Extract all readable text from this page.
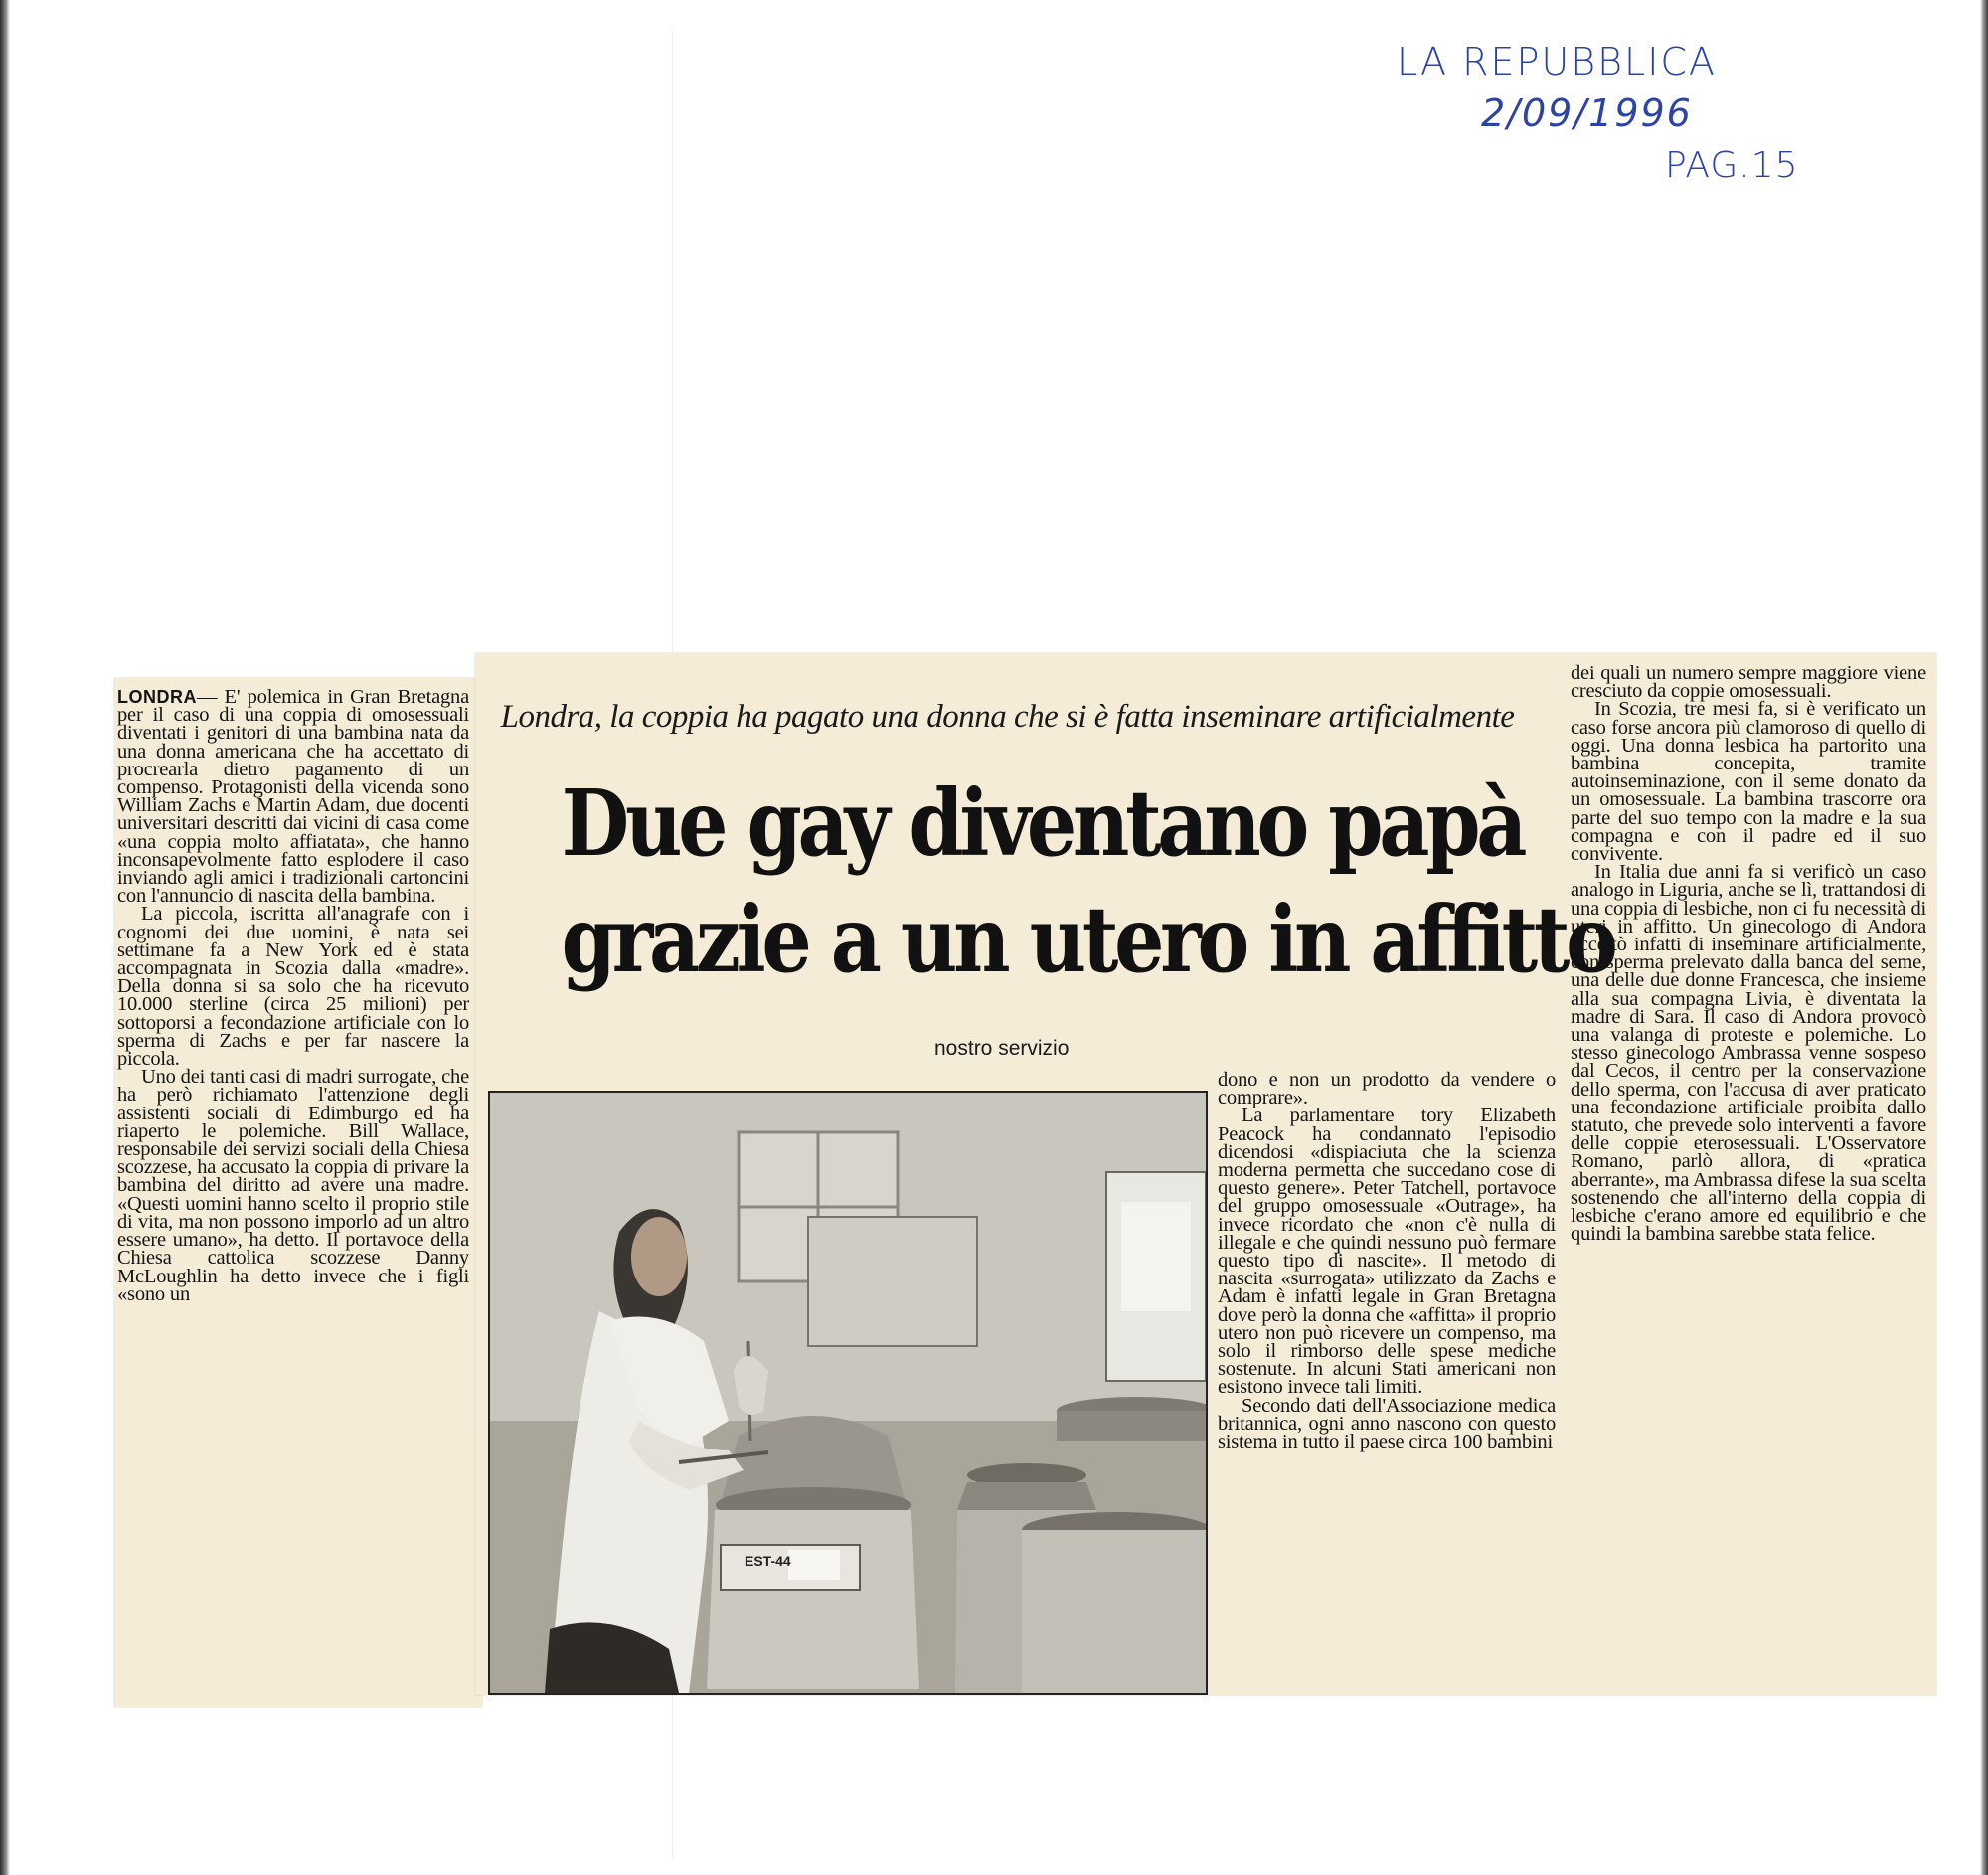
LA REPUBBLICA
2/09/1996
PAG.15

LONDRA— E' polemica in Gran Bretagna per il caso di una coppia di omosessuali diventati i genitori di una bambina nata da una donna americana che ha accettato di procrearla dietro pagamento di un compenso. Protagonisti della vicenda sono William Zachs e Martin Adam, due docenti universitari descritti dai vicini di casa come «una coppia molto affiatata», che hanno inconsapevolmente fatto esplodere il caso inviando agli amici i tradizionali cartoncini con l'annuncio di nascita della bambina.

La piccola, iscritta all'anagrafe con i cognomi dei due uomini, è nata sei settimane fa a New York ed è stata accompagnata in Scozia dalla «madre». Della donna si sa solo che ha ricevuto 10.000 sterline (circa 25 milioni) per sottoporsi a fecondazione artificiale con lo sperma di Zachs e per far nascere la piccola.

Uno dei tanti casi di madri surrogate, che ha però richiamato l'attenzione degli assistenti sociali di Edimburgo ed ha riaperto le polemiche. Bill Wallace, responsabile dei servizi sociali della Chiesa scozzese, ha accusato la coppia di privare la bambina del diritto ad avere una madre. «Questi uomini hanno scelto il proprio stile di vita, ma non possono imporlo ad un altro essere umano», ha detto. Il portavoce della Chiesa cattolica scozzese Danny McLoughlin ha detto invece che i figli «sono un

Londra, la coppia ha pagato una donna che si è fatta inseminare artificialmente
Due gay diventano papà
grazie a un utero in affitto
nostro servizio
EST-44

dono e non un prodotto da vendere o comprare».

La parlamentare tory Elizabeth Peacock ha condannato l'episodio dicendosi «dispiaciuta che la scienza moderna permetta che succedano cose di questo genere». Peter Tatchell, portavoce del gruppo omosessuale «Outrage», ha invece ricordato che «non c'è nulla di illegale e che quindi nessuno può fermare questo tipo di nascite». Il metodo di nascita «surrogata» utilizzato da Zachs e Adam è infatti legale in Gran Bretagna dove però la donna che «affitta» il proprio utero non può ricevere un compenso, ma solo il rimborso delle spese mediche sostenute. In alcuni Stati americani non esistono invece tali limiti.

Secondo dati dell'Associazione medica britannica, ogni anno nascono con questo sistema in tutto il paese circa 100 bambini

dei quali un numero sempre maggiore viene cresciuto da coppie omosessuali.

In Scozia, tre mesi fa, si è verificato un caso forse ancora più clamoroso di quello di oggi. Una donna lesbica ha partorito una bambina concepita, tramite autoinseminazione, con il seme donato da un omosessuale. La bambina trascorre ora parte del suo tempo con la madre e la sua compagna e con il padre ed il suo convivente.

In Italia due anni fa si verificò un caso analogo in Liguria, anche se lì, trattandosi di una coppia di lesbiche, non ci fu necessità di uteri in affitto. Un ginecologo di Andora accettò infatti di inseminare artificialmente, con sperma prelevato dalla banca del seme, una delle due donne Francesca, che insieme alla sua compagna Livia, è diventata la madre di Sara. Il caso di Andora provocò una valanga di proteste e polemiche. Lo stesso ginecologo Ambrassa venne sospeso dal Cecos, il centro per la conservazione dello sperma, con l'accusa di aver praticato una fecondazione artificiale proibita dallo statuto, che prevede solo interventi a favore delle coppie eterosessuali. L'Osservatore Romano, parlò allora, di «pratica aberrante», ma Ambrassa difese la sua scelta sostenendo che all'interno della coppia di lesbiche c'erano amore ed equilibrio e che quindi la bambina sarebbe stata felice.
